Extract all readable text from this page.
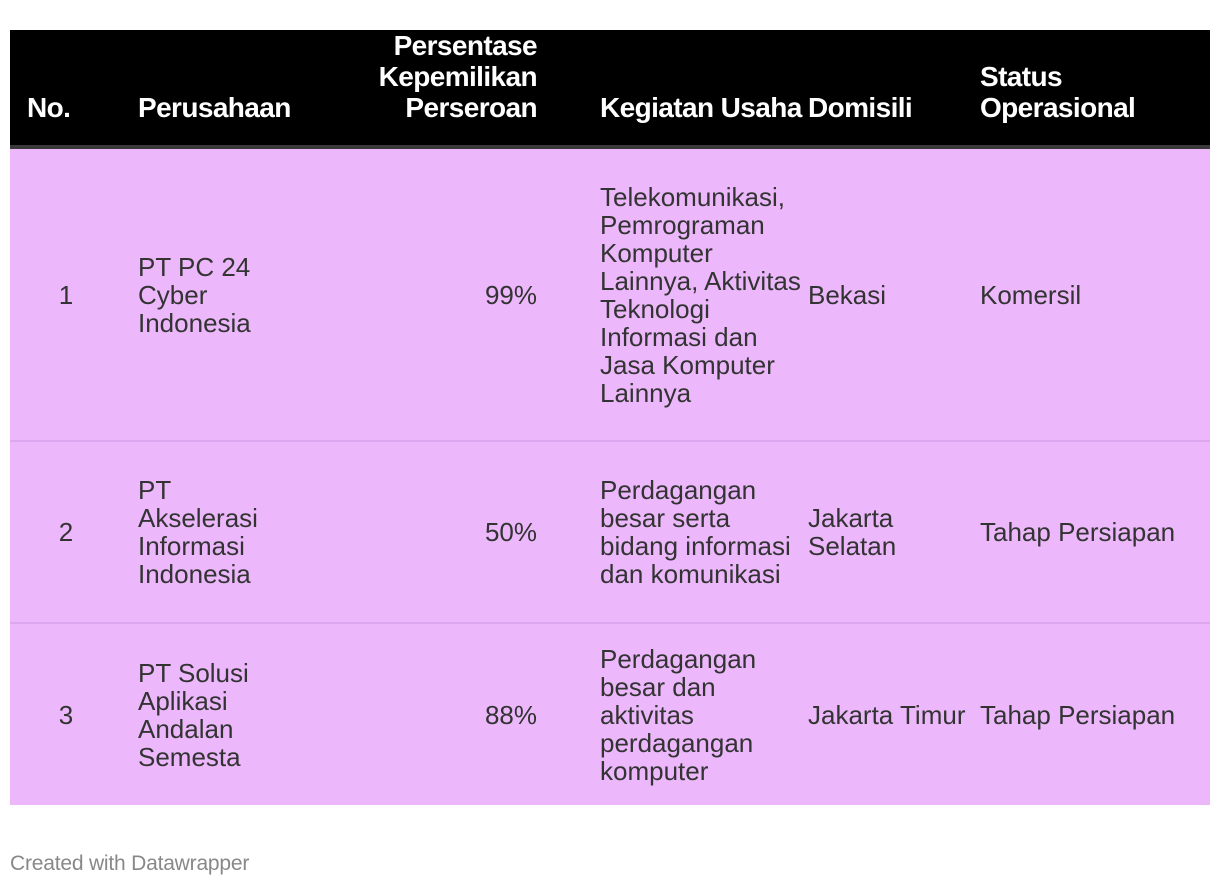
No.	Perusahaan	Persentase Kepemilikan Perseroan	Kegiatan Usaha	Domisili	Status Operasional
1	PT PC 24 Cyber Indonesia	99%	Telekomunikasi, Pemrograman Komputer Lainnya, Aktivitas Teknologi Informasi dan Jasa Komputer Lainnya	Bekasi	Komersil
2	PT Akselerasi Informasi Indonesia	50%	Perdagangan besar serta bidang informasi dan komunikasi	Jakarta Selatan	Tahap Persiapan
3	PT Solusi Aplikasi Andalan Semesta	88%	Perdagangan besar dan aktivitas perdagangan komputer	Jakarta Timur	Tahap Persiapan
Created with Datawrapper
